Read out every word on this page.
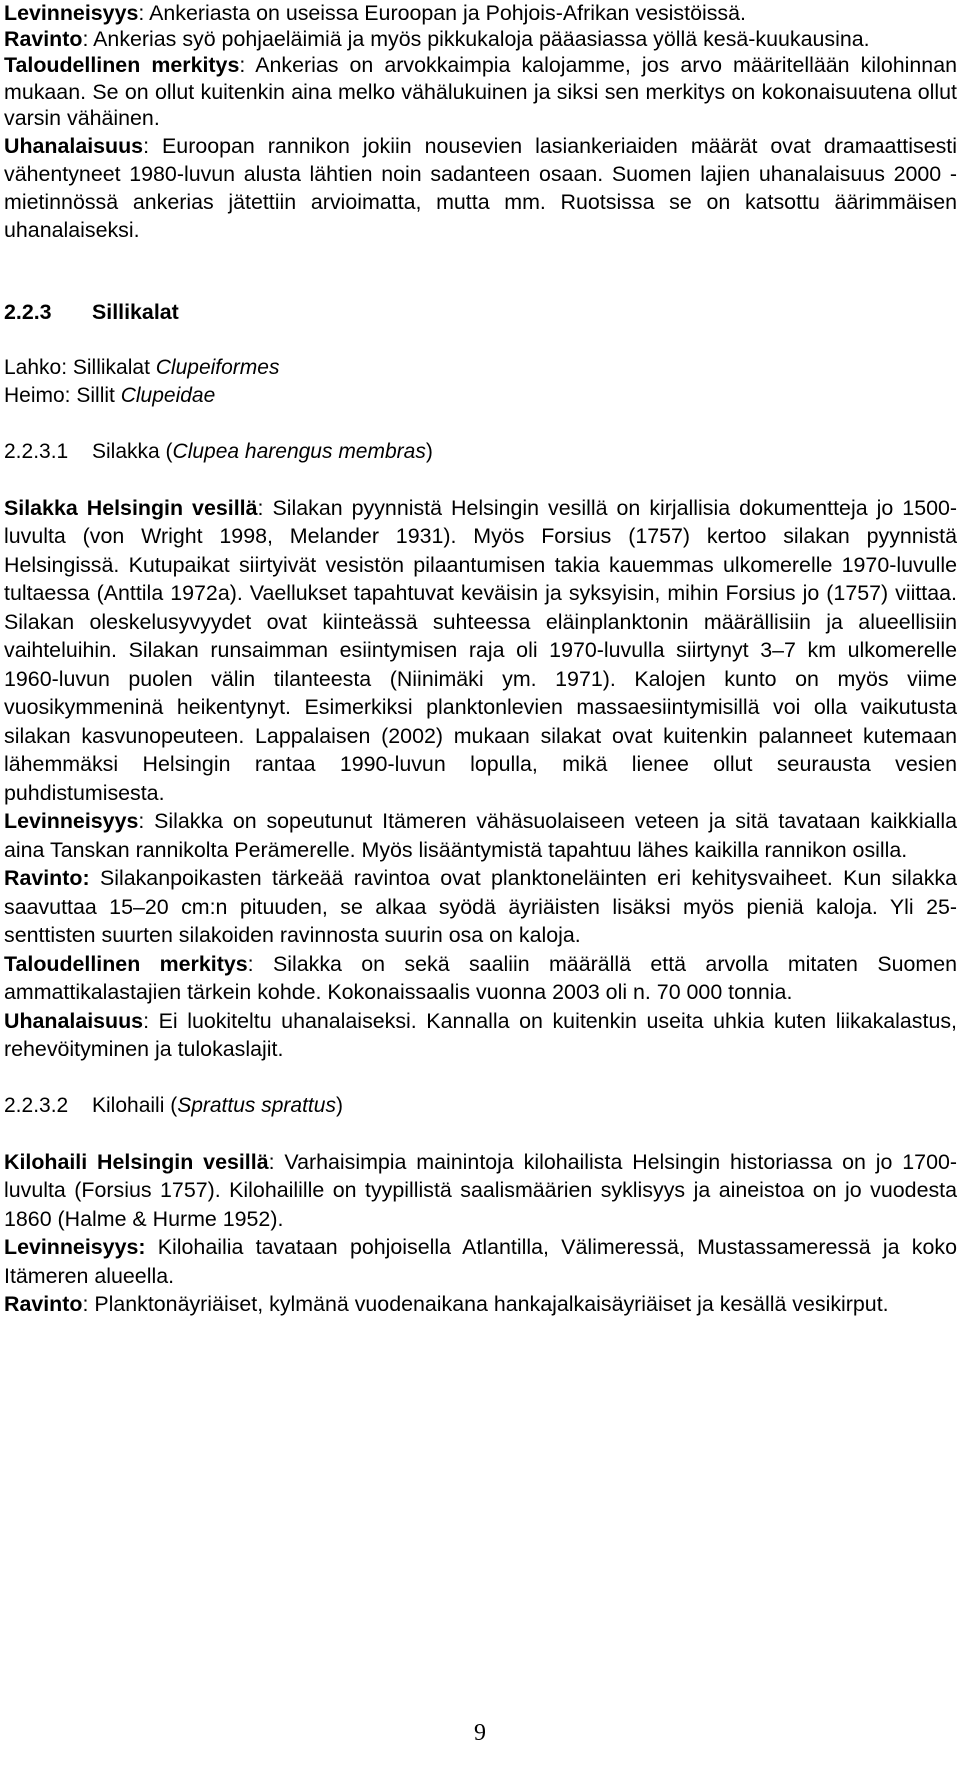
Levinneisyys: Ankeriasta on useissa Euroopan ja Pohjois-Afrikan vesistöissä.

Ravinto: Ankerias syö pohjaeläimiä ja myös pikkukaloja pääasiassa yöllä kesä-kuukausina.

Taloudellinen merkitys: Ankerias on arvokkaimpia kalojamme, jos arvo määritellään kilohinnan mukaan. Se on ollut kuitenkin aina melko vähälukuinen ja siksi sen merkitys on kokonaisuutena ollut varsin vähäinen.

Uhanalaisuus: Euroopan rannikon jokiin nousevien lasiankeriaiden määrät ovat dramaattisesti vähentyneet 1980-luvun alusta lähtien noin sadanteen osaan. Suomen lajien uhanalaisuus 2000 -mietinnössä ankerias jätettiin arvioimatta, mutta mm. Ruotsissa se on katsottu äärimmäisen uhanalaiseksi.

2.2.3 Sillikalat

Lahko: Sillikalat Clupeiformes

Heimo: Sillit Clupeidae

2.2.3.1 Silakka (Clupea harengus membras)

Silakka Helsingin vesillä: Silakan pyynnistä Helsingin vesillä on kirjallisia dokumentteja jo 1500-luvulta (von Wright 1998, Melander 1931). Myös Forsius (1757) kertoo silakan pyynnistä Helsingissä. Kutupaikat siirtyivät vesistön pilaantumisen takia kauemmas ulkomerelle 1970-luvulle tultaessa (Anttila 1972a). Vaellukset tapahtuvat keväisin ja syksyisin, mihin Forsius jo (1757) viittaa. Silakan oleskelusyvyydet ovat kiinteässä suhteessa eläinplanktonin määrällisiin ja alueellisiin vaihteluihin. Silakan runsaimman esiintymisen raja oli 1970-luvulla siirtynyt 3–7 km ulkomerelle 1960-luvun puolen välin tilanteesta (Niinimäki ym. 1971). Kalojen kunto on myös viime vuosikymmeninä heikentynyt. Esimerkiksi planktonlevien massaesiintymisillä voi olla vaikutusta silakan kasvunopeuteen. Lappalaisen (2002) mukaan silakat ovat kuitenkin palanneet kutemaan lähemmäksi Helsingin rantaa 1990-luvun lopulla, mikä lienee ollut seurausta vesien puhdistumisesta.

Levinneisyys: Silakka on sopeutunut Itämeren vähäsuolaiseen veteen ja sitä tavataan kaikkialla aina Tanskan rannikolta Perämerelle. Myös lisääntymistä tapahtuu lähes kaikilla rannikon osilla.

Ravinto: Silakanpoikasten tärkeää ravintoa ovat planktoneläinten eri kehitysvaiheet. Kun silakka saavuttaa 15–20 cm:n pituuden, se alkaa syödä äyriäisten lisäksi myös pieniä kaloja. Yli 25-senttisten suurten silakoiden ravinnosta suurin osa on kaloja.

Taloudellinen merkitys: Silakka on sekä saaliin määrällä että arvolla mitaten Suomen ammattikalastajien tärkein kohde. Kokonaissaalis vuonna 2003 oli n. 70 000 tonnia.

Uhanalaisuus: Ei luokiteltu uhanalaiseksi. Kannalla on kuitenkin useita uhkia kuten liikakalastus, rehevöityminen ja tulokaslajit.

2.2.3.2 Kilohaili (Sprattus sprattus)

Kilohaili Helsingin vesillä: Varhaisimpia mainintoja kilohailista Helsingin historiassa on jo 1700- luvulta (Forsius 1757). Kilohailille on tyypillistä saalismäärien syklisyys ja aineistoa on jo vuodesta 1860 (Halme & Hurme 1952).

Levinneisyys: Kilohailia tavataan pohjoisella Atlantilla, Välimeressä, Mustassameressä ja koko Itämeren alueella.

Ravinto: Planktonäyriäiset, kylmänä vuodenaikana hankajalkaisäyriäiset ja kesällä vesikirput.

9
